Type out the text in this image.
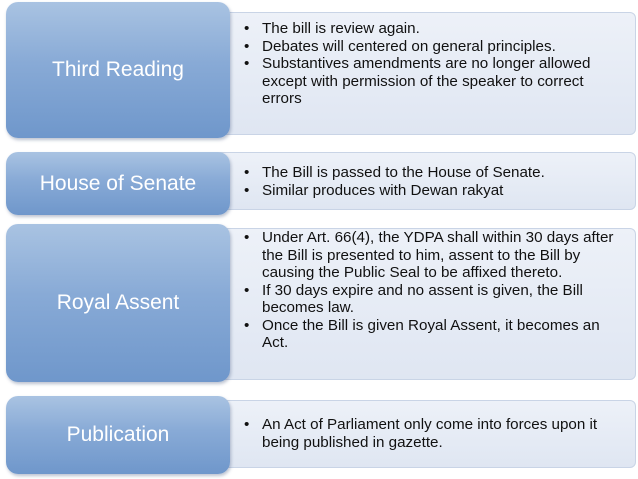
Third Reading
• The bill is review again.
• Debates will centered on general principles.
• Substantives amendments are no longer allowed except with permission of the speaker to correct errors
House of Senate	• The Bill is passed to the House of Senate.
• Similar produces with Dewan rakyat
Royal Assent
• Under Art. 66(4), the YDPA shall within 30 days after the Bill is presented to him, assent to the Bill by causing the Public Seal to be affixed thereto.
• If 30 days expire and no assent is given, the Bill becomes law.
• Once the Bill is given Royal Assent, it becomes an Act.
Publication	• An Act of Parliament only come into forces upon it being published in gazette.
